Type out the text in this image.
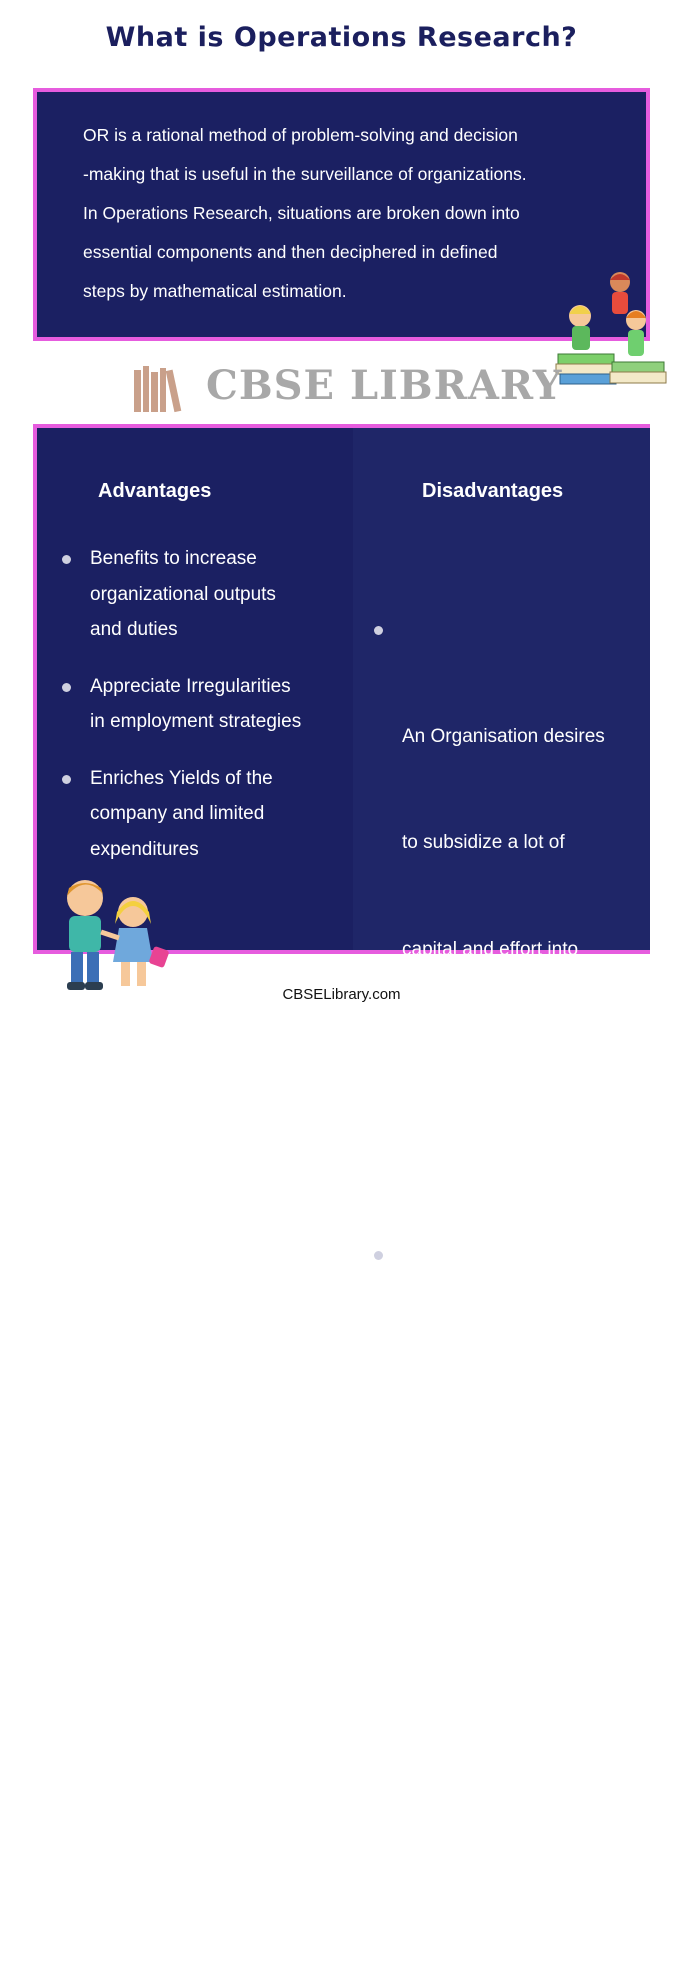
What is Operations Research?
OR is a rational method of problem-solving and decision
-making that is useful in the surveillance of organizations.
In Operations Research, situations are broken down into
essential components and then deciphered in defined
steps by mathematical estimation.
CBSE LIBRARY
Advantages	Disadvantages
Benefits to increase
organizational outputs
and duties
Appreciate Irregularities
in employment strategies
Enriches Yields of the
company and limited
expenditures

An Organisation desires

to subsidize a lot of

capital and effort into

OR to create usefully

There are examples of

Coordination cases

between OR Specialist

and Business Operation

Teams or Administrators

CBSELibrary.com
